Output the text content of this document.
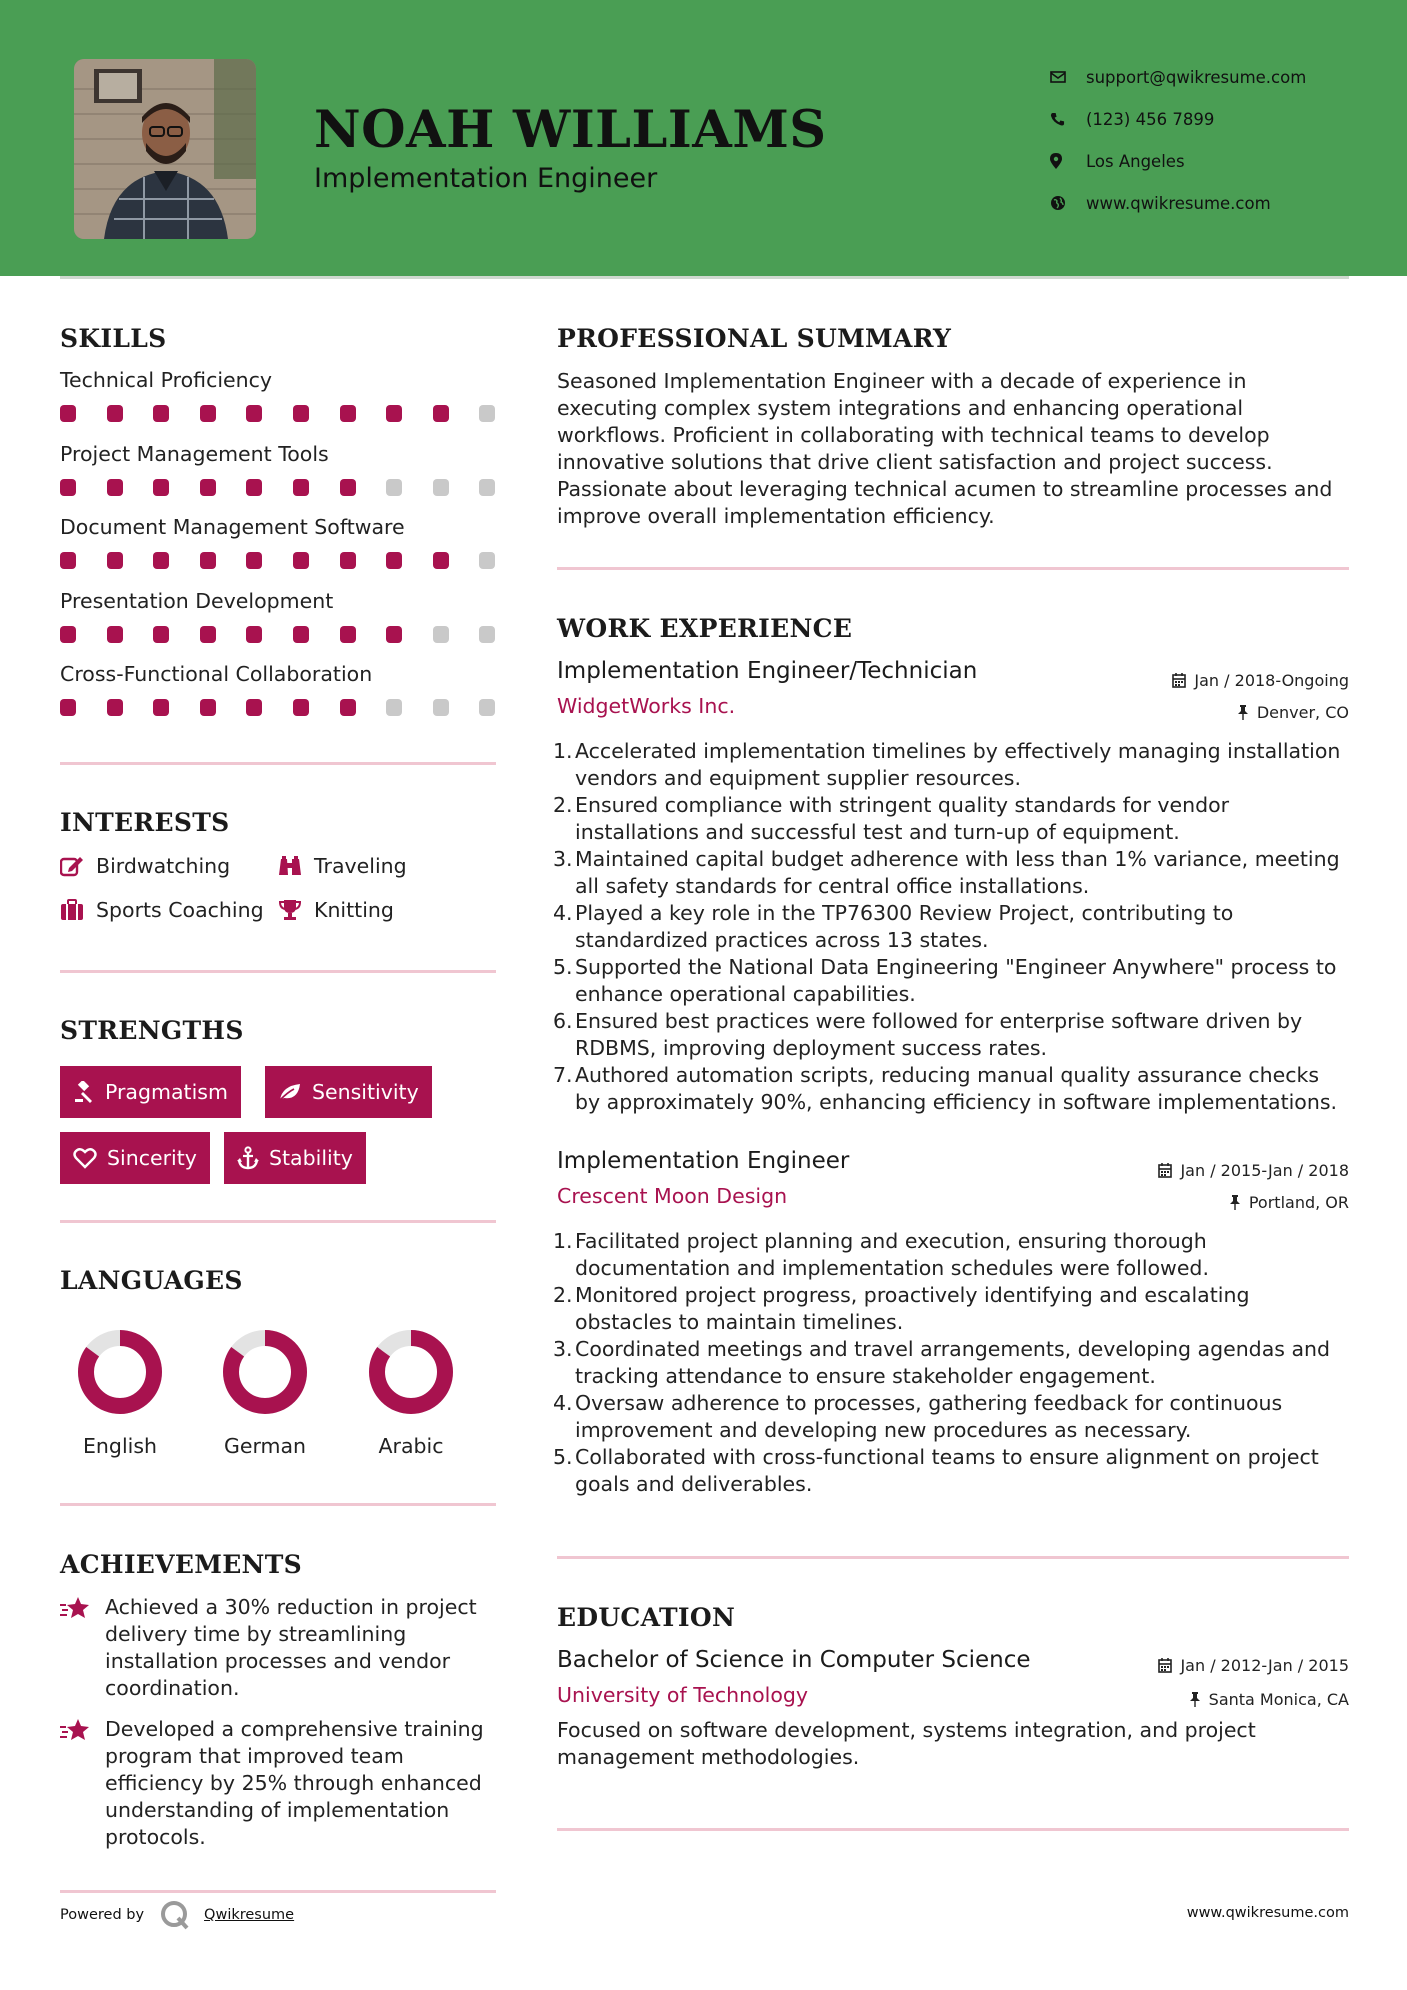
NOAH WILLIAMS
Implementation Engineer
support@qwikresume.com
(123) 456 7899
Los Angeles
www.qwikresume.com
SKILLS
Technical Proficiency
Project Management Tools
Document Management Software
Presentation Development
Cross-Functional Collaboration
INTERESTS
Birdwatching	Traveling
Sports Coaching Knitting
STRENGTHS
Pragmatism	Sensitivity
Sincerity	Stability
LANGUAGES
English	German	Arabic
ACHIEVEMENTS
Achieved a 30% reduction in project delivery time by streamlining installation processes and vendor coordination.
Developed a comprehensive training program that improved team efficiency by 25% through enhanced understanding of implementation protocols.
PROFESSIONAL SUMMARY
Seasoned Implementation Engineer with a decade of experience in executing complex system integrations and enhancing operational workflows. Proficient in collaborating with technical teams to develop innovative solutions that drive client satisfaction and project success. Passionate about leveraging technical acumen to streamline processes and improve overall implementation efficiency.
WORK EXPERIENCE
Implementation Engineer/Technician
WidgetWorks Inc.
Jan / 2018-Ongoing
Denver, CO
1. Accelerated implementation timelines by effectively managing installation vendors and equipment supplier resources.
2. Ensured compliance with stringent quality standards for vendor installations and successful test and turn-up of equipment.
3. Maintained capital budget adherence with less than 1% variance, meeting all safety standards for central office installations.
4. Played a key role in the TP76300 Review Project, contributing to standardized practices across 13 states.
5. Supported the National Data Engineering "Engineer Anywhere" process to enhance operational capabilities.
6. Ensured best practices were followed for enterprise software driven by RDBMS, improving deployment success rates.
7. Authored automation scripts, reducing manual quality assurance checks by approximately 90%, enhancing efficiency in software implementations.
Implementation Engineer
Crescent Moon Design
Jan / 2015-Jan / 2018
Portland, OR
1. Facilitated project planning and execution, ensuring thorough documentation and implementation schedules were followed.
2. Monitored project progress, proactively identifying and escalating obstacles to maintain timelines.
3. Coordinated meetings and travel arrangements, developing agendas and tracking attendance to ensure stakeholder engagement.
4. Oversaw adherence to processes, gathering feedback for continuous improvement and developing new procedures as necessary.
5. Collaborated with cross-functional teams to ensure alignment on project goals and deliverables.
EDUCATION
Bachelor of Science in Computer Science
University of Technology
Jan / 2012-Jan / 2015
Santa Monica, CA
Focused on software development, systems integration, and project management methodologies.
Powered by	Qwikresume	www.qwikresume.com
